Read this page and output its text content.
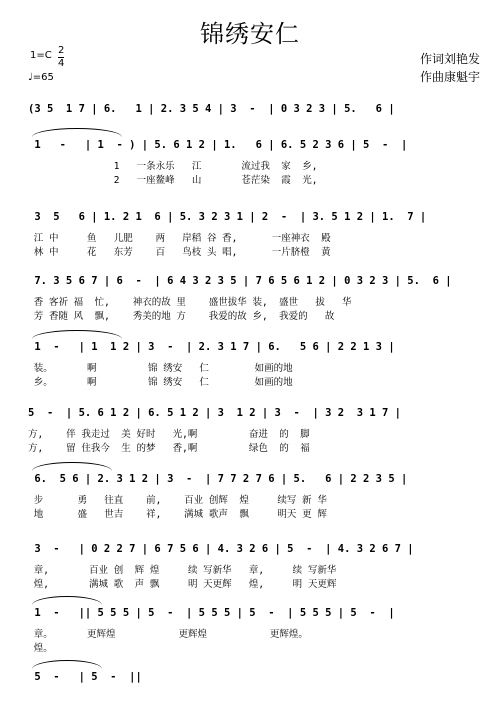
锦绣安仁
作词刘艳发
作曲康魁宇
1=C 2
4
♩=65
(3 5  1 7 | 6.   1 | 2. 3 5 4 | 3  -  | 0 3 2 3 | 5.   6 |
1   -   | 1  - ) | 5. 6 1 2 | 1.   6 | 6. 5 2 3 6 | 5  -  |
1   一条永乐   江       流过我  家  乡,
2   一座鳌峰   山       苍茫染  霞  光,
3  5   6 | 1. 2 1  6 | 5. 3 2 3 1 | 2  -  | 3. 5 1 2 | 1.  7 |
江 中     鱼   儿肥    两   岸稻 谷 香,      一座神衣  殿
林 中     花   东芳    百   鸟枝 头 唱,      一片脐橙  黄
7. 3 5 6 7 | 6  -  | 6 4 3 2 3 5 | 7 6 5 6 1 2 | 0 3 2 3 | 5.  6 |
香 客祈 福  忙,    神衣的故 里    盛世拔华 装,  盛世   拔   华
芳 香随 风  飘,    秀美的地 方    我爱的故 乡,  我爱的   故
1  -   | 1  1 2 | 3  -  | 2. 3 1 7 | 6.   5 6 | 2 2 1 3 |
装。      啊         锦 绣安   仁        如画的地
乡。      啊         锦 绣安   仁        如画的地
5  -  | 5. 6 1 2 | 6. 5 1 2 | 3  1 2 | 3  -  | 3 2  3 1 7 |
方,    伴 我走过  美 好时   光,啊         奋进  的  脚
方,    留 住我今  生 的梦   香,啊         绿色  的  福
6.  5 6 | 2. 3 1 2 | 3  -  | 7 7 2 7 6 | 5.   6 | 2 2 3 5 |
步      勇   往直    前,    百业 创辉  煌     续写 新 华
地      盛   世吉    祥,    满城 歌声  飘     明天 更 辉
3  -   | 0 2 2 7 | 6 7 5 6 | 4. 3 2 6 | 5  -  | 4. 3 2 6 7 |
章,       百业 创  辉 煌     续 写新华   章,     续 写新华
煌,       满城 歌  声 飘     明 天更辉   煌,     明 天更辉
1  -   || 5 5 5 | 5  -  | 5 5 5 | 5  -  | 5 5 5 | 5  -  |
章。      更辉煌           更辉煌           更辉煌。
煌。
5  -   | 5  -  ||
